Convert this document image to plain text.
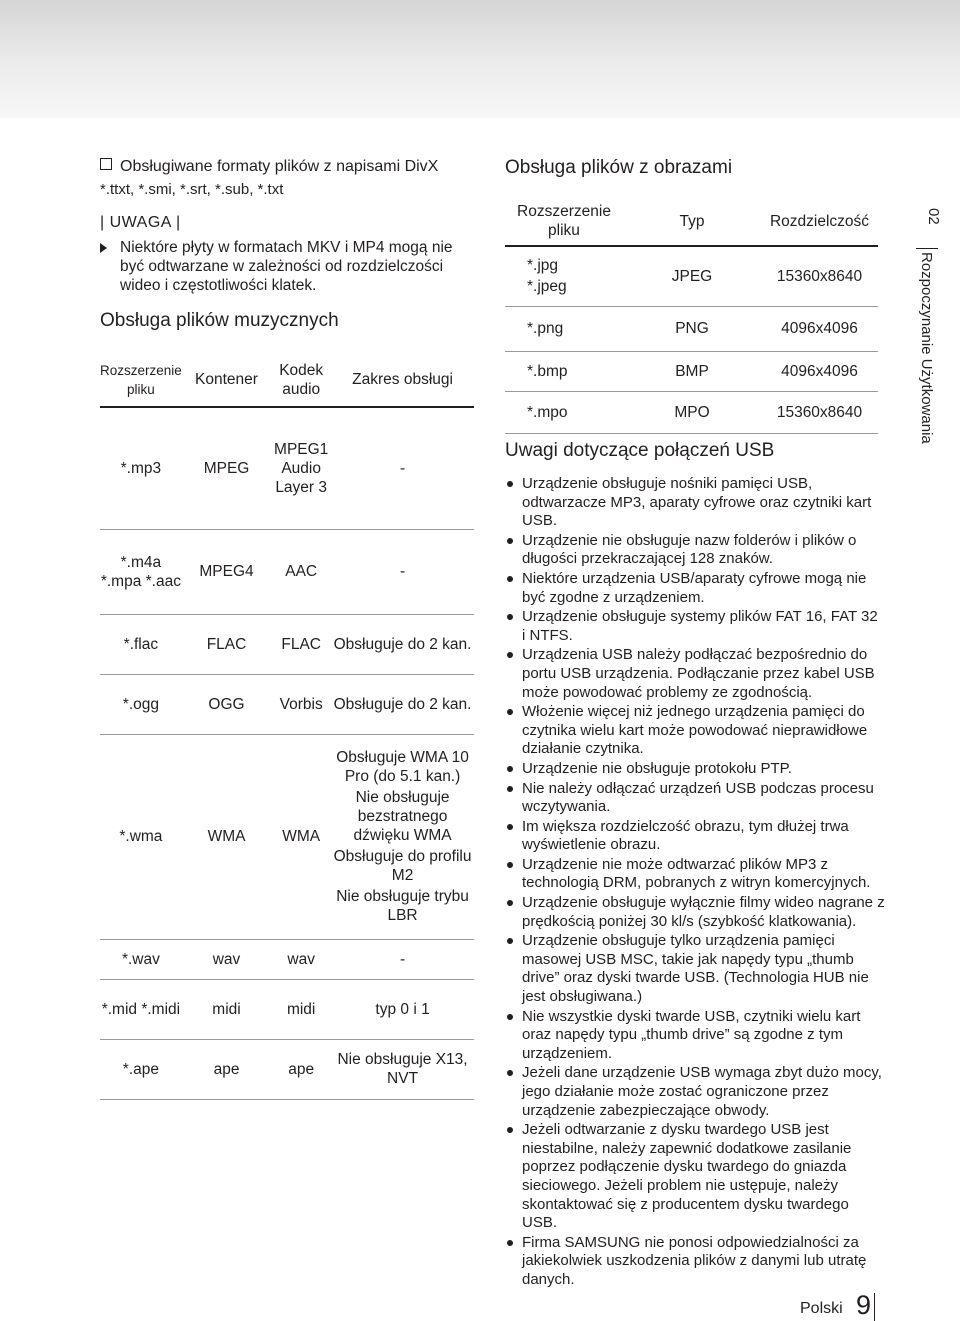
Obsługiwane formaty plików z napisami DivX
*.ttxt, *.smi, *.srt, *.sub, *.txt
| UWAGA |
Niektóre płyty w formatach MKV i MP4 mogą nie być odtwarzane w zależności od rozdzielczości wideo i częstotliwości klatek.
Obsługa plików muzycznych
Rozszerzenie pliku	Kontener	Kodek audio	Zakres obsługi
*.mp3	MPEG	MPEG1 Audio Layer 3	-
*.m4a *.mpa *.aac	MPEG4	AAC	-
*.flac	FLAC	FLAC	Obsługuje do 2 kan.
*.ogg	OGG	Vorbis	Obsługuje do 2 kan.
*.wma	WMA	WMA	Obsługuje WMA 10 Pro (do 5.1 kan.)
Nie obsługuje bezstratnego dźwięku WMA
Obsługuje do profilu M2
Nie obsługuje trybu LBR

*.wav	wav	wav	-
*.mid *.midi	midi	midi	typ 0 i 1
*.ape	ape	ape	Nie obsługuje X13, NVT
Obsługa plików z obrazami
Rozszerzenie pliku	Typ	Rozdzielczość

*.jpg
*.jpeg	JPEG	15360x8640
*.png	PNG	4096x4096
*.bmp	BMP	4096x4096
*.mpo	MPO	15360x8640
Uwagi dotyczące połączeń USB
Urządzenie obsługuje nośniki pamięci USB, odtwarzacze MP3, aparaty cyfrowe oraz czytniki kart USB.
Urządzenie nie obsługuje nazw folderów i plików o długości przekraczającej 128 znaków.
Niektóre urządzenia USB/aparaty cyfrowe mogą nie być zgodne z urządzeniem.
Urządzenie obsługuje systemy plików FAT 16, FAT 32 i NTFS.
Urządzenia USB należy podłączać bezpośrednio do portu USB urządzenia. Podłączanie przez kabel USB może powodować problemy ze zgodnością.
Włożenie więcej niż jednego urządzenia pamięci do czytnika wielu kart może powodować nieprawidłowe działanie czytnika.
Urządzenie nie obsługuje protokołu PTP.
Nie należy odłączać urządzeń USB podczas procesu wczytywania.
Im większa rozdzielczość obrazu, tym dłużej trwa wyświetlenie obrazu.
Urządzenie nie może odtwarzać plików MP3 z technologią DRM, pobranych z witryn komercyjnych.
Urządzenie obsługuje wyłącznie filmy wideo nagrane z prędkością poniżej 30 kl/s (szybkość klatkowania).
Urządzenie obsługuje tylko urządzenia pamięci masowej USB MSC, takie jak napędy typu „thumb drive” oraz dyski twarde USB. (Technologia HUB nie jest obsługiwana.)
Nie wszystkie dyski twarde USB, czytniki wielu kart oraz napędy typu „thumb drive” są zgodne z tym urządzeniem.
Jeżeli dane urządzenie USB wymaga zbyt dużo mocy, jego działanie może zostać ograniczone przez urządzenie zabezpieczające obwody.
Jeżeli odtwarzanie z dysku twardego USB jest niestabilne, należy zapewnić dodatkowe zasilanie poprzez podłączenie dysku twardego do gniazda sieciowego. Jeżeli problem nie ustępuje, należy skontaktować się z producentem dysku twardego USB.
Firma SAMSUNG nie ponosi odpowiedzialności za jakiekolwiek uszkodzenia plików z danymi lub utratę danych.
02
Rozpoczynanie Użytkowania
Polski 9
